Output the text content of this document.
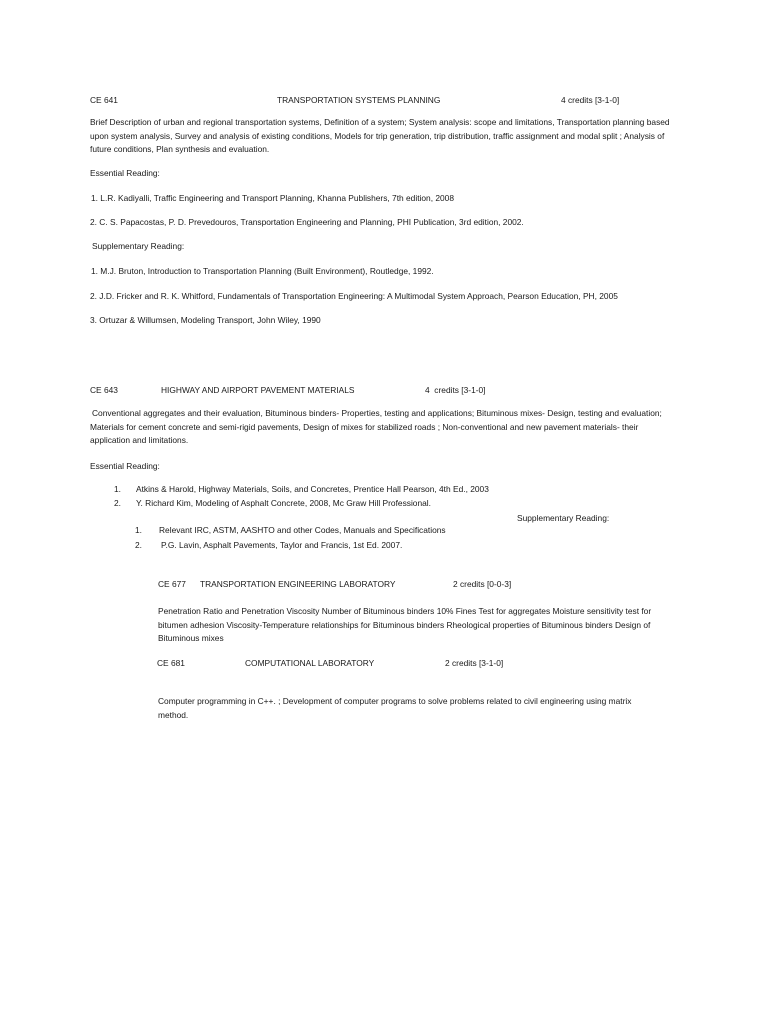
CE 641	TRANSPORTATION SYSTEMS PLANNING	4 credits [3-1-0]
Brief Description of urban and regional transportation systems, Definition of a system; System analysis: scope and limitations, Transportation planning based upon system analysis, Survey and analysis of existing conditions, Models for trip generation, trip distribution, traffic assignment and modal split ; Analysis of future conditions, Plan synthesis and evaluation.
Essential Reading:
1. L.R. Kadiyalli, Traffic Engineering and Transport Planning, Khanna Publishers, 7th edition, 2008
2. C. S. Papacostas, P. D. Prevedouros, Transportation Engineering and Planning, PHI Publication, 3rd edition, 2002.
Supplementary Reading:
1. M.J. Bruton, Introduction to Transportation Planning (Built Environment), Routledge, 1992.
2. J.D. Fricker and R. K. Whitford, Fundamentals of Transportation Engineering: A Multimodal System Approach, Pearson Education, PH, 2005
3. Ortuzar & Willumsen, Modeling Transport, John Wiley, 1990
CE 643	HIGHWAY AND AIRPORT PAVEMENT MATERIALS	4  credits [3-1-0]
Conventional aggregates and their evaluation, Bituminous binders- Properties, testing and applications; Bituminous mixes- Design, testing and evaluation; Materials for cement concrete and semi-rigid pavements, Design of mixes for stabilized roads ; Non-conventional and new pavement materials- their application and limitations.
Essential Reading:
1. Atkins & Harold, Highway Materials, Soils, and Concretes, Prentice Hall Pearson, 4th Ed., 2003
2. Y. Richard Kim, Modeling of Asphalt Concrete, 2008, Mc Graw Hill Professional.
Supplementary Reading:
1. Relevant IRC, ASTM, AASHTO and other Codes, Manuals and Specifications
2. P.G. Lavin, Asphalt Pavements, Taylor and Francis, 1st Ed. 2007.
CE 677 TRANSPORTATION ENGINEERING LABORATORY	2 credits [0-0-3]
Penetration Ratio and Penetration Viscosity Number of Bituminous binders 10% Fines Test for aggregates Moisture sensitivity test for bitumen adhesion Viscosity-Temperature relationships for Bituminous binders Rheological properties of Bituminous binders Design of Bituminous mixes
CE 681	COMPUTATIONAL LABORATORY	2 credits [3-1-0]
Computer programming in C++. ; Development of computer programs to solve problems related to civil engineering using matrix method.
